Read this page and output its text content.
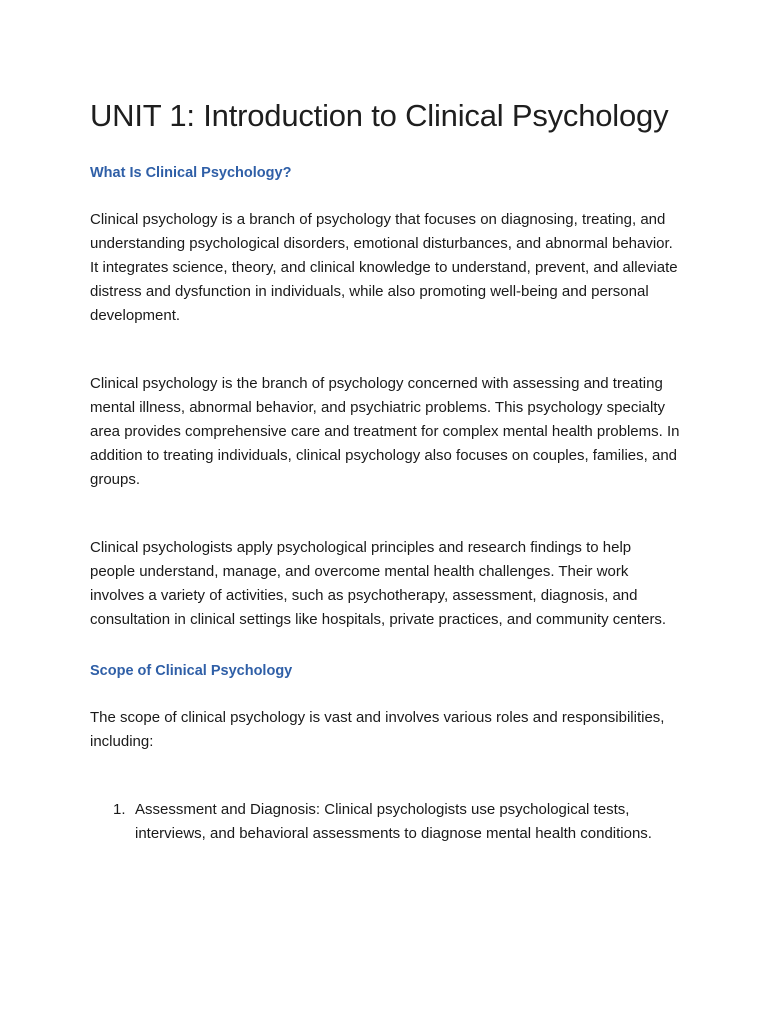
UNIT 1: Introduction to Clinical Psychology
What Is Clinical Psychology?

Clinical psychology is a branch of psychology that focuses on diagnosing, treating, and understanding psychological disorders, emotional disturbances, and abnormal behavior. It integrates science, theory, and clinical knowledge to understand, prevent, and alleviate distress and dysfunction in individuals, while also promoting well-being and personal development.

Clinical psychology is the branch of psychology concerned with assessing and treating mental illness, abnormal behavior, and psychiatric problems. This psychology specialty area provides comprehensive care and treatment for complex mental health problems. In addition to treating individuals, clinical psychology also focuses on couples, families, and groups.

Clinical psychologists apply psychological principles and research findings to help people understand, manage, and overcome mental health challenges. Their work involves a variety of activities, such as psychotherapy, assessment, diagnosis, and consultation in clinical settings like hospitals, private practices, and community centers.

Scope of Clinical Psychology

The scope of clinical psychology is vast and involves various roles and responsibilities, including:

1. Assessment and Diagnosis: Clinical psychologists use psychological tests, interviews, and behavioral assessments to diagnose mental health conditions.
